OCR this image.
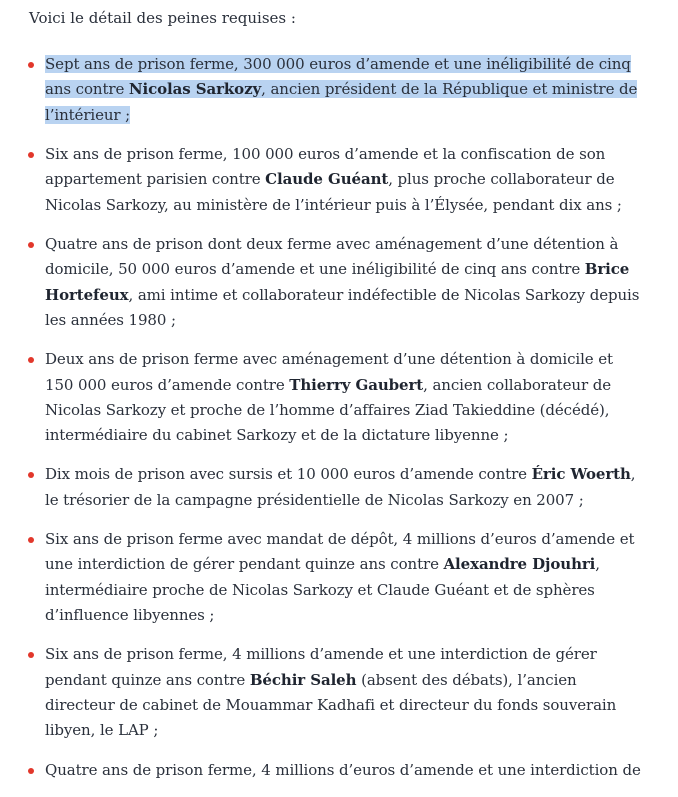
Voici le détail des peines requises :

Sept ans de prison ferme, 300 000 euros d’amende et une inéligibilité de cinq ans contre Nicolas Sarkozy, ancien président de la République et ministre de l’intérieur ;
Six ans de prison ferme, 100 000 euros d’amende et la confiscation de son appartement parisien contre Claude Guéant, plus proche collaborateur de Nicolas Sarkozy, au ministère de l’intérieur puis à l’Élysée, pendant dix ans ;
Quatre ans de prison dont deux ferme avec aménagement d’une détention à domicile, 50 000 euros d’amende et une inéligibilité de cinq ans contre Brice Hortefeux, ami intime et collaborateur indéfectible de Nicolas Sarkozy depuis les années 1980 ;
Deux ans de prison ferme avec aménagement d’une détention à domicile et 150 000 euros d’amende contre Thierry Gaubert, ancien collaborateur de Nicolas Sarkozy et proche de l’homme d’affaires Ziad Takieddine (décédé), intermédiaire du cabinet Sarkozy et de la dictature libyenne ;
Dix mois de prison avec sursis et 10 000 euros d’amende contre Éric Woerth, le trésorier de la campagne présidentielle de Nicolas Sarkozy en 2007 ;
Six ans de prison ferme avec mandat de dépôt, 4 millions d’euros d’amende et une interdiction de gérer pendant quinze ans contre Alexandre Djouhri, intermédiaire proche de Nicolas Sarkozy et Claude Guéant et de sphères d’influence libyennes ;
Six ans de prison ferme, 4 millions d’amende et une interdiction de gérer pendant quinze ans contre Béchir Saleh (absent des débats), l’ancien directeur de cabinet de Mouammar Kadhafi et directeur du fonds souverain libyen, le LAP ;
Quatre ans de prison ferme, 4 millions d’euros d’amende et une interdiction de
